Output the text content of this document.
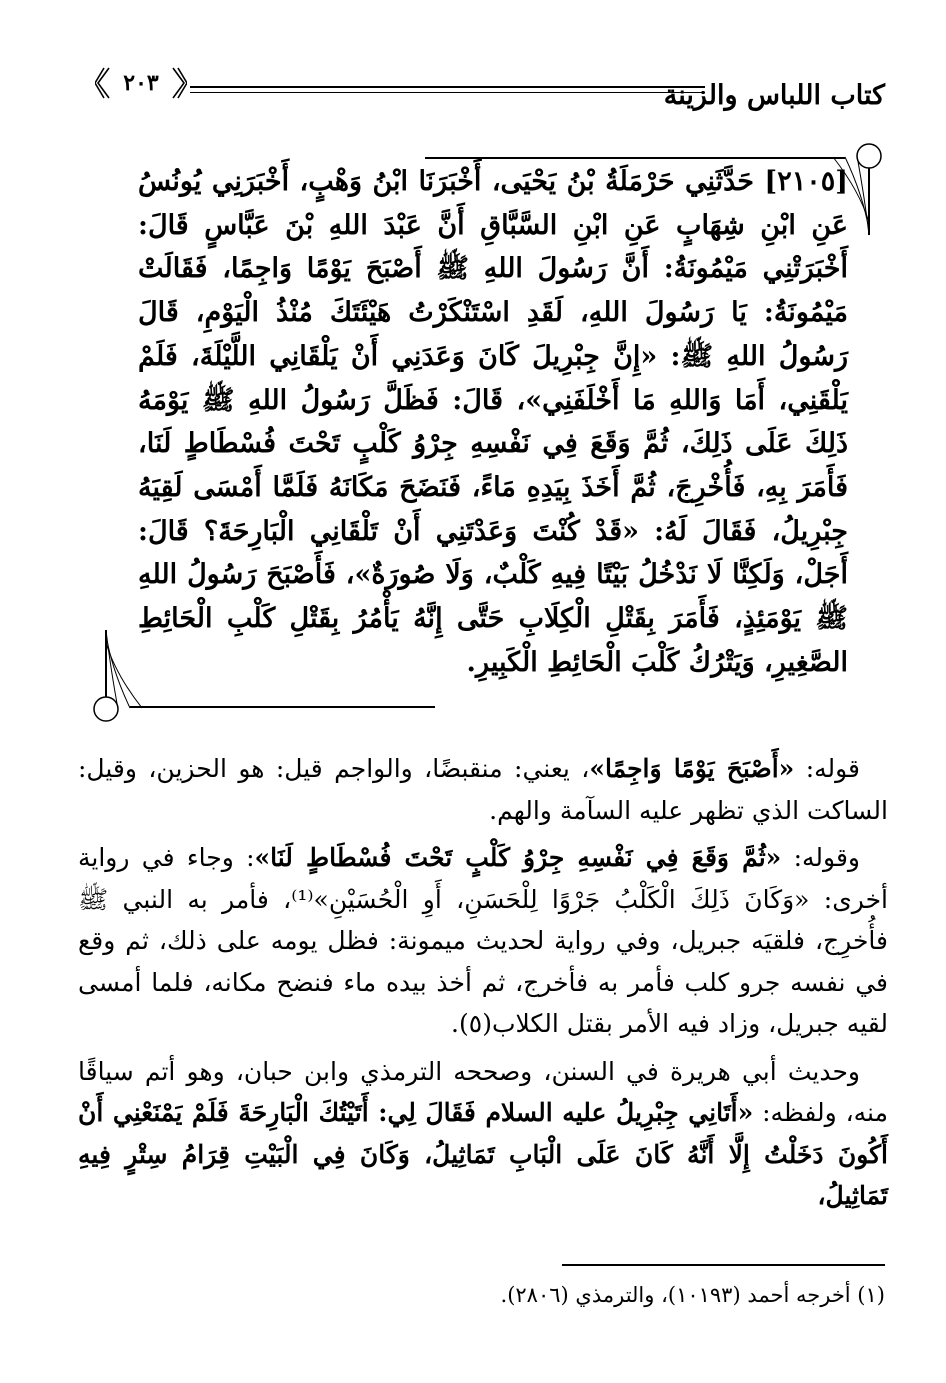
٢٠٣	كتاب اللباس والزينة
[٢١٠٥] حَدَّثَنِي حَرْمَلَةُ بْنُ يَحْيَى، أَخْبَرَنَا ابْنُ وَهْبٍ، أَخْبَرَنِي يُونُسُ عَنِ ابْنِ شِهَابٍ عَنِ ابْنِ السَّبَّاقِ أَنَّ عَبْدَ اللهِ بْنَ عَبَّاسٍ قَالَ: أَخْبَرَتْنِي مَيْمُونَةُ: أَنَّ رَسُولَ اللهِ ﷺ أَصْبَحَ يَوْمًا وَاجِمًا، فَقَالَتْ مَيْمُونَةُ: يَا رَسُولَ اللهِ، لَقَدِ اسْتَنْكَرْتُ هَيْئَتَكَ مُنْذُ الْيَوْمِ، قَالَ رَسُولُ اللهِ ﷺ: «إِنَّ جِبْرِيلَ كَانَ وَعَدَنِي أَنْ يَلْقَانِي اللَّيْلَةَ، فَلَمْ يَلْقَنِي، أَمَا وَاللهِ مَا أَخْلَفَنِي»، قَالَ: فَظَلَّ رَسُولُ اللهِ ﷺ يَوْمَهُ ذَلِكَ عَلَى ذَلِكَ، ثُمَّ وَقَعَ فِي نَفْسِهِ جِرْوُ كَلْبٍ تَحْتَ فُسْطَاطٍ لَنَا، فَأَمَرَ بِهِ، فَأُخْرِجَ، ثُمَّ أَخَذَ بِيَدِهِ مَاءً، فَنَضَحَ مَكَانَهُ فَلَمَّا أَمْسَى لَقِيَهُ جِبْرِيلُ، فَقَالَ لَهُ: «قَدْ كُنْتَ وَعَدْتَنِي أَنْ تَلْقَانِي الْبَارِحَةَ؟ قَالَ: أَجَلْ، وَلَكِنَّا لَا نَدْخُلُ بَيْتًا فِيهِ كَلْبٌ، وَلَا صُورَةٌ»، فَأَصْبَحَ رَسُولُ اللهِ ﷺ يَوْمَئِذٍ، فَأَمَرَ بِقَتْلِ الْكِلَابِ حَتَّى إِنَّهُ يَأْمُرُ بِقَتْلِ كَلْبِ الْحَائِطِ الصَّغِيرِ، وَيَتْرُكُ كَلْبَ الْحَائِطِ الْكَبِيرِ.

قوله: «أَصْبَحَ يَوْمًا وَاجِمًا»، يعني: منقبضًا، والواجم قيل: هو الحزين، وقيل: الساكت الذي تظهر عليه السآمة والهم.

وقوله: «ثُمَّ وَقَعَ فِي نَفْسِهِ جِرْوُ كَلْبٍ تَحْتَ فُسْطَاطٍ لَنَا»: وجاء في رواية أخرى: «وَكَانَ ذَلِكَ الْكَلْبُ جَرْوًا لِلْحَسَنِ، أَوِ الْحُسَيْنِ»⁽¹⁾، فأمر به النبي ﷺ فأُخرِج، فلقيَه جبريل، وفي رواية لحديث ميمونة: فظل يومه على ذلك، ثم وقع في نفسه جرو كلب فأمر به فأخرج، ثم أخذ بيده ماء فنضح مكانه، فلما أمسى لقيه جبريل، وزاد فيه الأمر بقتل الكلاب(٥).

وحديث أبي هريرة في السنن، وصححه الترمذي وابن حبان، وهو أتم سياقًا منه، ولفظه: «أَتَانِي جِبْرِيلُ عليه السلام فَقَالَ لِي: أَتَيْتُكَ الْبَارِحَةَ فَلَمْ يَمْنَعْنِي أَنْ أَكُونَ دَخَلْتُ إِلَّا أَنَّهُ كَانَ عَلَى الْبَابِ تَمَاثِيلُ، وَكَانَ فِي الْبَيْتِ قِرَامُ سِتْرٍ فِيهِ تَمَاثِيلُ،

(١) أخرجه أحمد (١٠١٩٣)، والترمذي (٢٨٠٦).
